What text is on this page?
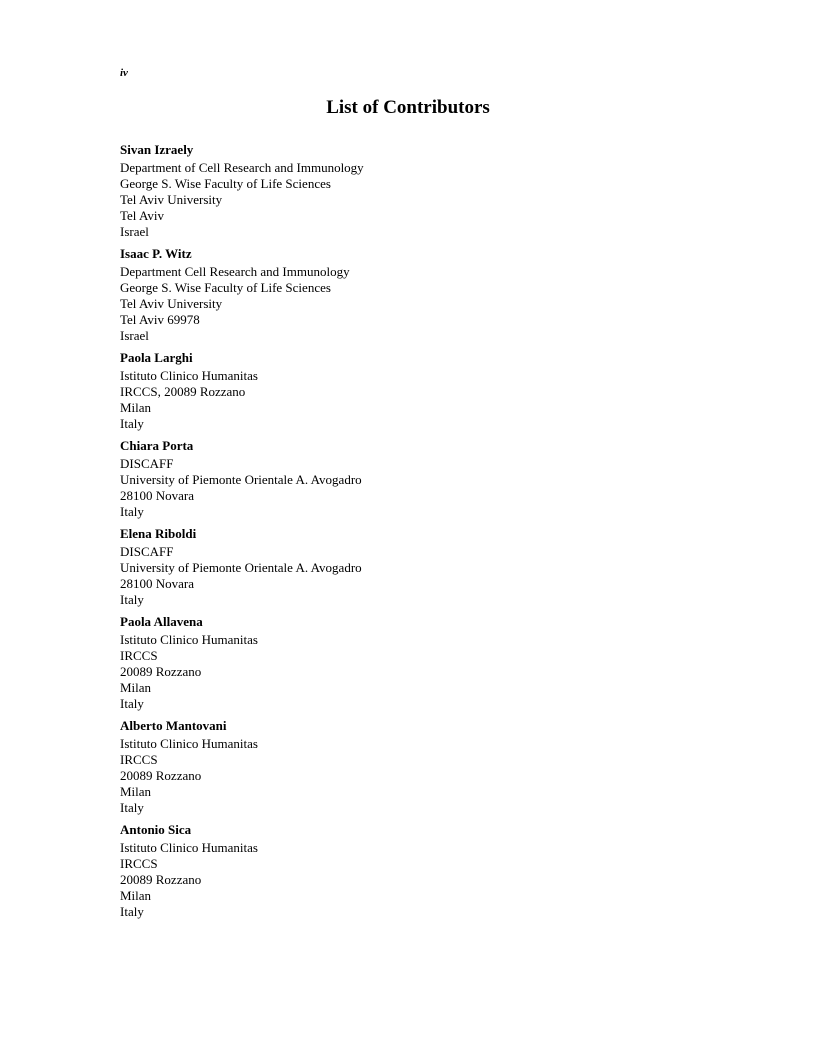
iv
List of Contributors
Sivan Izraely
Department of Cell Research and Immunology
George S. Wise Faculty of Life Sciences
Tel Aviv University
Tel Aviv
Israel
Isaac P. Witz
Department Cell Research and Immunology
George S. Wise Faculty of Life Sciences
Tel Aviv University
Tel Aviv 69978
Israel
Paola Larghi
Istituto Clinico Humanitas
IRCCS, 20089 Rozzano
Milan
Italy
Chiara Porta
DISCAFF
University of Piemonte Orientale A. Avogadro
28100 Novara
Italy
Elena Riboldi
DISCAFF
University of Piemonte Orientale A. Avogadro
28100 Novara
Italy
Paola Allavena
Istituto Clinico Humanitas
IRCCS
20089 Rozzano
Milan
Italy
Alberto Mantovani
Istituto Clinico Humanitas
IRCCS
20089 Rozzano
Milan
Italy
Antonio Sica
Istituto Clinico Humanitas
IRCCS
20089 Rozzano
Milan
Italy
